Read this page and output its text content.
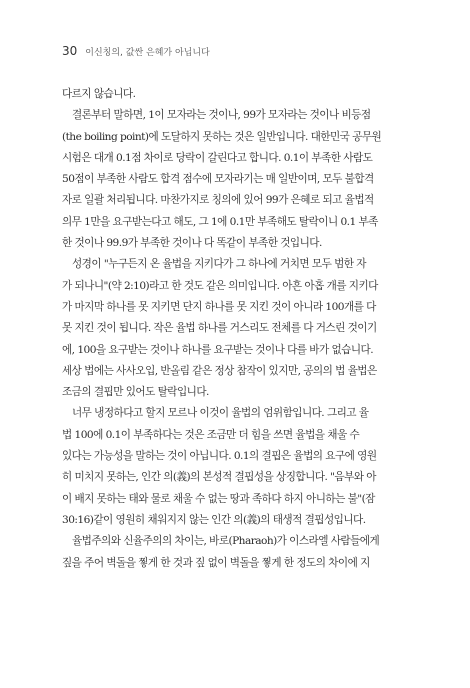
30 이신칭의, 값싼 은혜가 아닙니다
다르지 않습니다.
결론부터 말하면, 1이 모자라는 것이나, 99가 모자라는 것이나 비등점
(the boiling point)에 도달하지 못하는 것은 일반입니다. 대한민국 공무원
시험은 대개 0.1점 차이로 당락이 갈린다고 합니다. 0.1이 부족한 사람도
50점이 부족한 사람도 합격 점수에 모자라기는 매 일반이며, 모두 불합격
자로 일괄 처리됩니다. 마찬가지로 칭의에 있어 99가 은혜로 되고 율법적
의무 1만을 요구받는다고 해도, 그 1에 0.1만 부족해도 탈락이니 0.1 부족
한 것이나 99.9가 부족한 것이나 다 똑같이 부족한 것입니다.
성경이 "누구든지 온 율법을 지키다가 그 하나에 거치면 모두 범한 자
가 되나니"(약 2:10)라고 한 것도 같은 의미입니다. 아흔 아홉 개를 지키다
가 마지막 하나를 못 지키면 단지 하나를 못 지킨 것이 아니라 100개를 다
못 지킨 것이 됩니다. 작은 율법 하나를 거스리도 전체를 다 거스린 것이기
에, 100을 요구받는 것이나 하나를 요구받는 것이나 다를 바가 없습니다.
세상 법에는 사사오입, 반올림 같은 정상 참작이 있지만, 공의의 법 율법은
조금의 결핍만 있어도 탈락입니다.
너무 냉정하다고 할지 모르나 이것이 율법의 엄위함입니다. 그리고 율
법 100에 0.1이 부족하다는 것은 조금만 더 힘을 쓰면 율법을 채울 수
있다는 가능성을 말하는 것이 아닙니다. 0.1의 결핍은 율법의 요구에 영원
히 미치지 못하는, 인간 의(義)의 본성적 결핍성을 상징합니다. "음부와 아
이 배지 못하는 태와 물로 채울 수 없는 땅과 족하다 하지 아니하는 불"(잠
30:16)같이 영원히 채워지지 않는 인간 의(義)의 태생적 결핍성입니다.
율법주의와 신율주의의 차이는, 바로(Pharaoh)가 이스라엘 사람들에게
짚을 주어 벽돌을 찧게 한 것과 짚 없이 벽돌을 찧게 한 정도의 차이에 지
